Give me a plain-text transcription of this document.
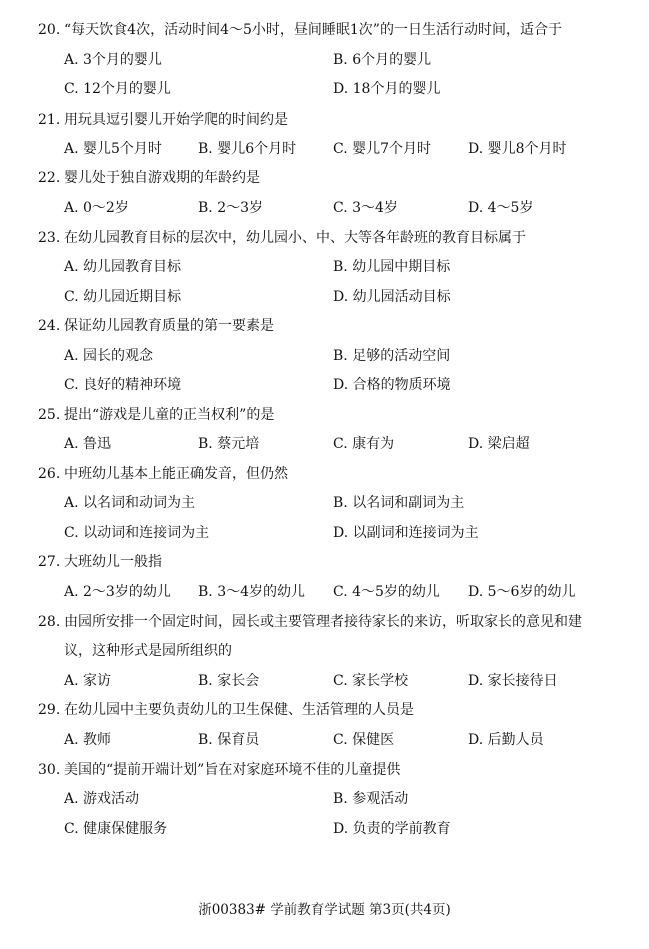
20. “每天饮食4次，活动时间4～5小时，昼间睡眠1次”的一日生活行动时间，适合于
A. 3个月的婴儿	B. 6个月的婴儿
C. 12个月的婴儿	D. 18个月的婴儿
21. 用玩具逗引婴儿开始学爬的时间约是
A. 婴儿5个月时	B. 婴儿6个月时	C. 婴儿7个月时	D. 婴儿8个月时
22. 婴儿处于独自游戏期的年龄约是
A. 0～2岁	B. 2～3岁	C. 3～4岁	D. 4～5岁
23. 在幼儿园教育目标的层次中，幼儿园小、中、大等各年龄班的教育目标属于
A. 幼儿园教育目标	B. 幼儿园中期目标
C. 幼儿园近期目标	D. 幼儿园活动目标
24. 保证幼儿园教育质量的第一要素是
A. 园长的观念	B. 足够的活动空间
C. 良好的精神环境	D. 合格的物质环境
25. 提出“游戏是儿童的正当权利”的是
A. 鲁迅	B. 蔡元培	C. 康有为	D. 梁启超
26. 中班幼儿基本上能正确发音，但仍然
A. 以名词和动词为主	B. 以名词和副词为主
C. 以动词和连接词为主	D. 以副词和连接词为主
27. 大班幼儿一般指
A. 2～3岁的幼儿 B. 3～4岁的幼儿 C. 4～5岁的幼儿 D. 5～6岁的幼儿
28. 由园所安排一个固定时间，园长或主要管理者接待家长的来访，听取家长的意见和建
议，这种形式是园所组织的
A. 家访	B. 家长会	C. 家长学校	D. 家长接待日
29. 在幼儿园中主要负责幼儿的卫生保健、生活管理的人员是
A. 教师	B. 保育员	C. 保健医	D. 后勤人员
30. 美国的“提前开端计划”旨在对家庭环境不佳的儿童提供
A. 游戏活动	B. 参观活动
C. 健康保健服务	D. 负责的学前教育
浙00383# 学前教育学试题 第3页(共4页)
